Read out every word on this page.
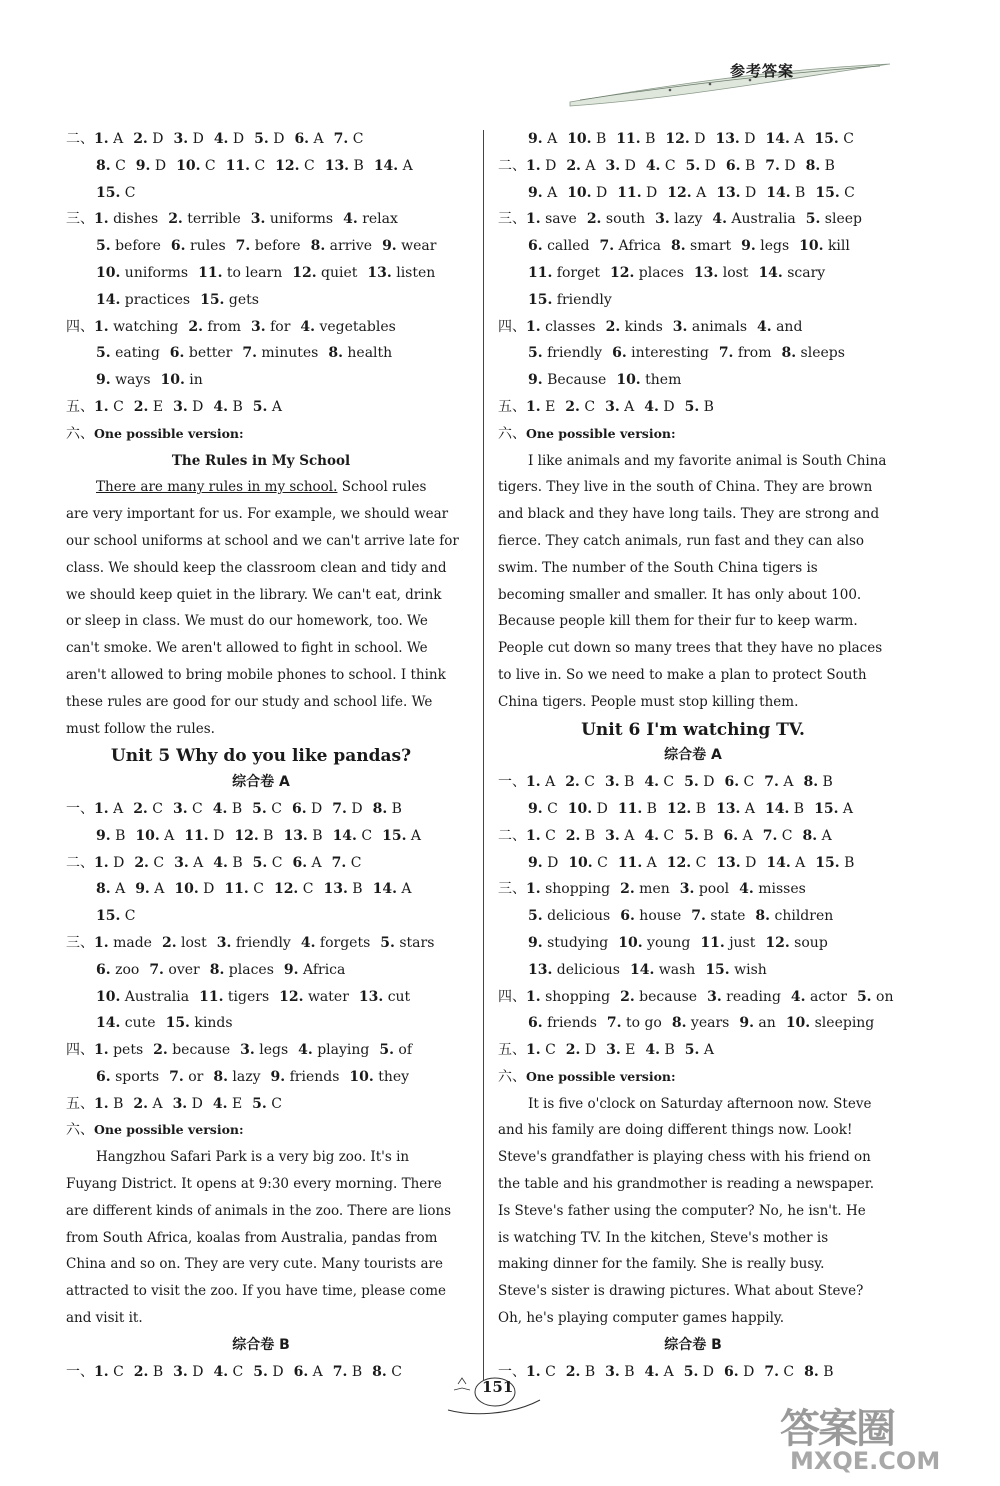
参考答案
二、1. A 2. D 3. D 4. D 5. D 6. A 7. C
8. C 9. D 10. C 11. C 12. C 13. B 14. A
15. C
三、1. dishes 2. terrible 3. uniforms 4. relax
5. before 6. rules 7. before 8. arrive 9. wear
10. uniforms 11. to learn 12. quiet 13. listen
14. practices 15. gets
四、1. watching 2. from 3. for 4. vegetables
5. eating 6. better 7. minutes 8. health
9. ways 10. in
五、1. C 2. E 3. D 4. B 5. A
六、One possible version:
The Rules in My School
There are many rules in my school. School rules
are very important for us. For example, we should wear
our school uniforms at school and we can't arrive late for
class. We should keep the classroom clean and tidy and
we should keep quiet in the library. We can't eat, drink
or sleep in class. We must do our homework, too. We
can't smoke. We aren't allowed to fight in school. We
aren't allowed to bring mobile phones to school. I think
these rules are good for our study and school life. We
must follow the rules.
Unit 5 Why do you like pandas?
综合卷 A
一、1. A 2. C 3. C 4. B 5. C 6. D 7. D 8. B
9. B 10. A 11. D 12. B 13. B 14. C 15. A
二、1. D 2. C 3. A 4. B 5. C 6. A 7. C
8. A 9. A 10. D 11. C 12. C 13. B 14. A
15. C
三、1. made 2. lost 3. friendly 4. forgets 5. stars
6. zoo 7. over 8. places 9. Africa
10. Australia 11. tigers 12. water 13. cut
14. cute 15. kinds
四、1. pets 2. because 3. legs 4. playing 5. of
6. sports 7. or 8. lazy 9. friends 10. they
五、1. B 2. A 3. D 4. E 5. C
六、One possible version:
Hangzhou Safari Park is a very big zoo. It's in
Fuyang District. It opens at 9:30 every morning. There
are different kinds of animals in the zoo. There are lions
from South Africa, koalas from Australia, pandas from
China and so on. They are very cute. Many tourists are
attracted to visit the zoo. If you have time, please come
and visit it.
综合卷 B
一、1. C 2. B 3. D 4. C 5. D 6. A 7. B 8. C
9. A 10. B 11. B 12. D 13. D 14. A 15. C
二、1. D 2. A 3. D 4. C 5. D 6. B 7. D 8. B
9. A 10. D 11. D 12. A 13. D 14. B 15. C
三、1. save 2. south 3. lazy 4. Australia 5. sleep
6. called 7. Africa 8. smart 9. legs 10. kill
11. forget 12. places 13. lost 14. scary
15. friendly
四、1. classes 2. kinds 3. animals 4. and
5. friendly 6. interesting 7. from 8. sleeps
9. Because 10. them
五、1. E 2. C 3. A 4. D 5. B
六、One possible version:
I like animals and my favorite animal is South China
tigers. They live in the south of China. They are brown
and black and they have long tails. They are strong and
fierce. They catch animals, run fast and they can also
swim. The number of the South China tigers is
becoming smaller and smaller. It has only about 100.
Because people kill them for their fur to keep warm.
People cut down so many trees that they have no places
to live in. So we need to make a plan to protect South
China tigers. People must stop killing them.
Unit 6 I'm watching TV.
综合卷 A
一、1. A 2. C 3. B 4. C 5. D 6. C 7. A 8. B
9. C 10. D 11. B 12. B 13. A 14. B 15. A
二、1. C 2. B 3. A 4. C 5. B 6. A 7. C 8. A
9. D 10. C 11. A 12. C 13. D 14. A 15. B
三、1. shopping 2. men 3. pool 4. misses
5. delicious 6. house 7. state 8. children
9. studying 10. young 11. just 12. soup
13. delicious 14. wash 15. wish
四、1. shopping 2. because 3. reading 4. actor 5. on
6. friends 7. to go 8. years 9. an 10. sleeping
五、1. C 2. D 3. E 4. B 5. A
六、One possible version:
It is five o'clock on Saturday afternoon now. Steve
and his family are doing different things now. Look!
Steve's grandfather is playing chess with his friend on
the table and his grandmother is reading a newspaper.
Is Steve's father using the computer? No, he isn't. He
is watching TV. In the kitchen, Steve's mother is
making dinner for the family. She is really busy.
Steve's sister is drawing pictures. What about Steve?
Oh, he's playing computer games happily.
综合卷 B
一、1. C 2. B 3. B 4. A 5. D 6. D 7. C 8. B
151
答案圈
MXQE.COM
